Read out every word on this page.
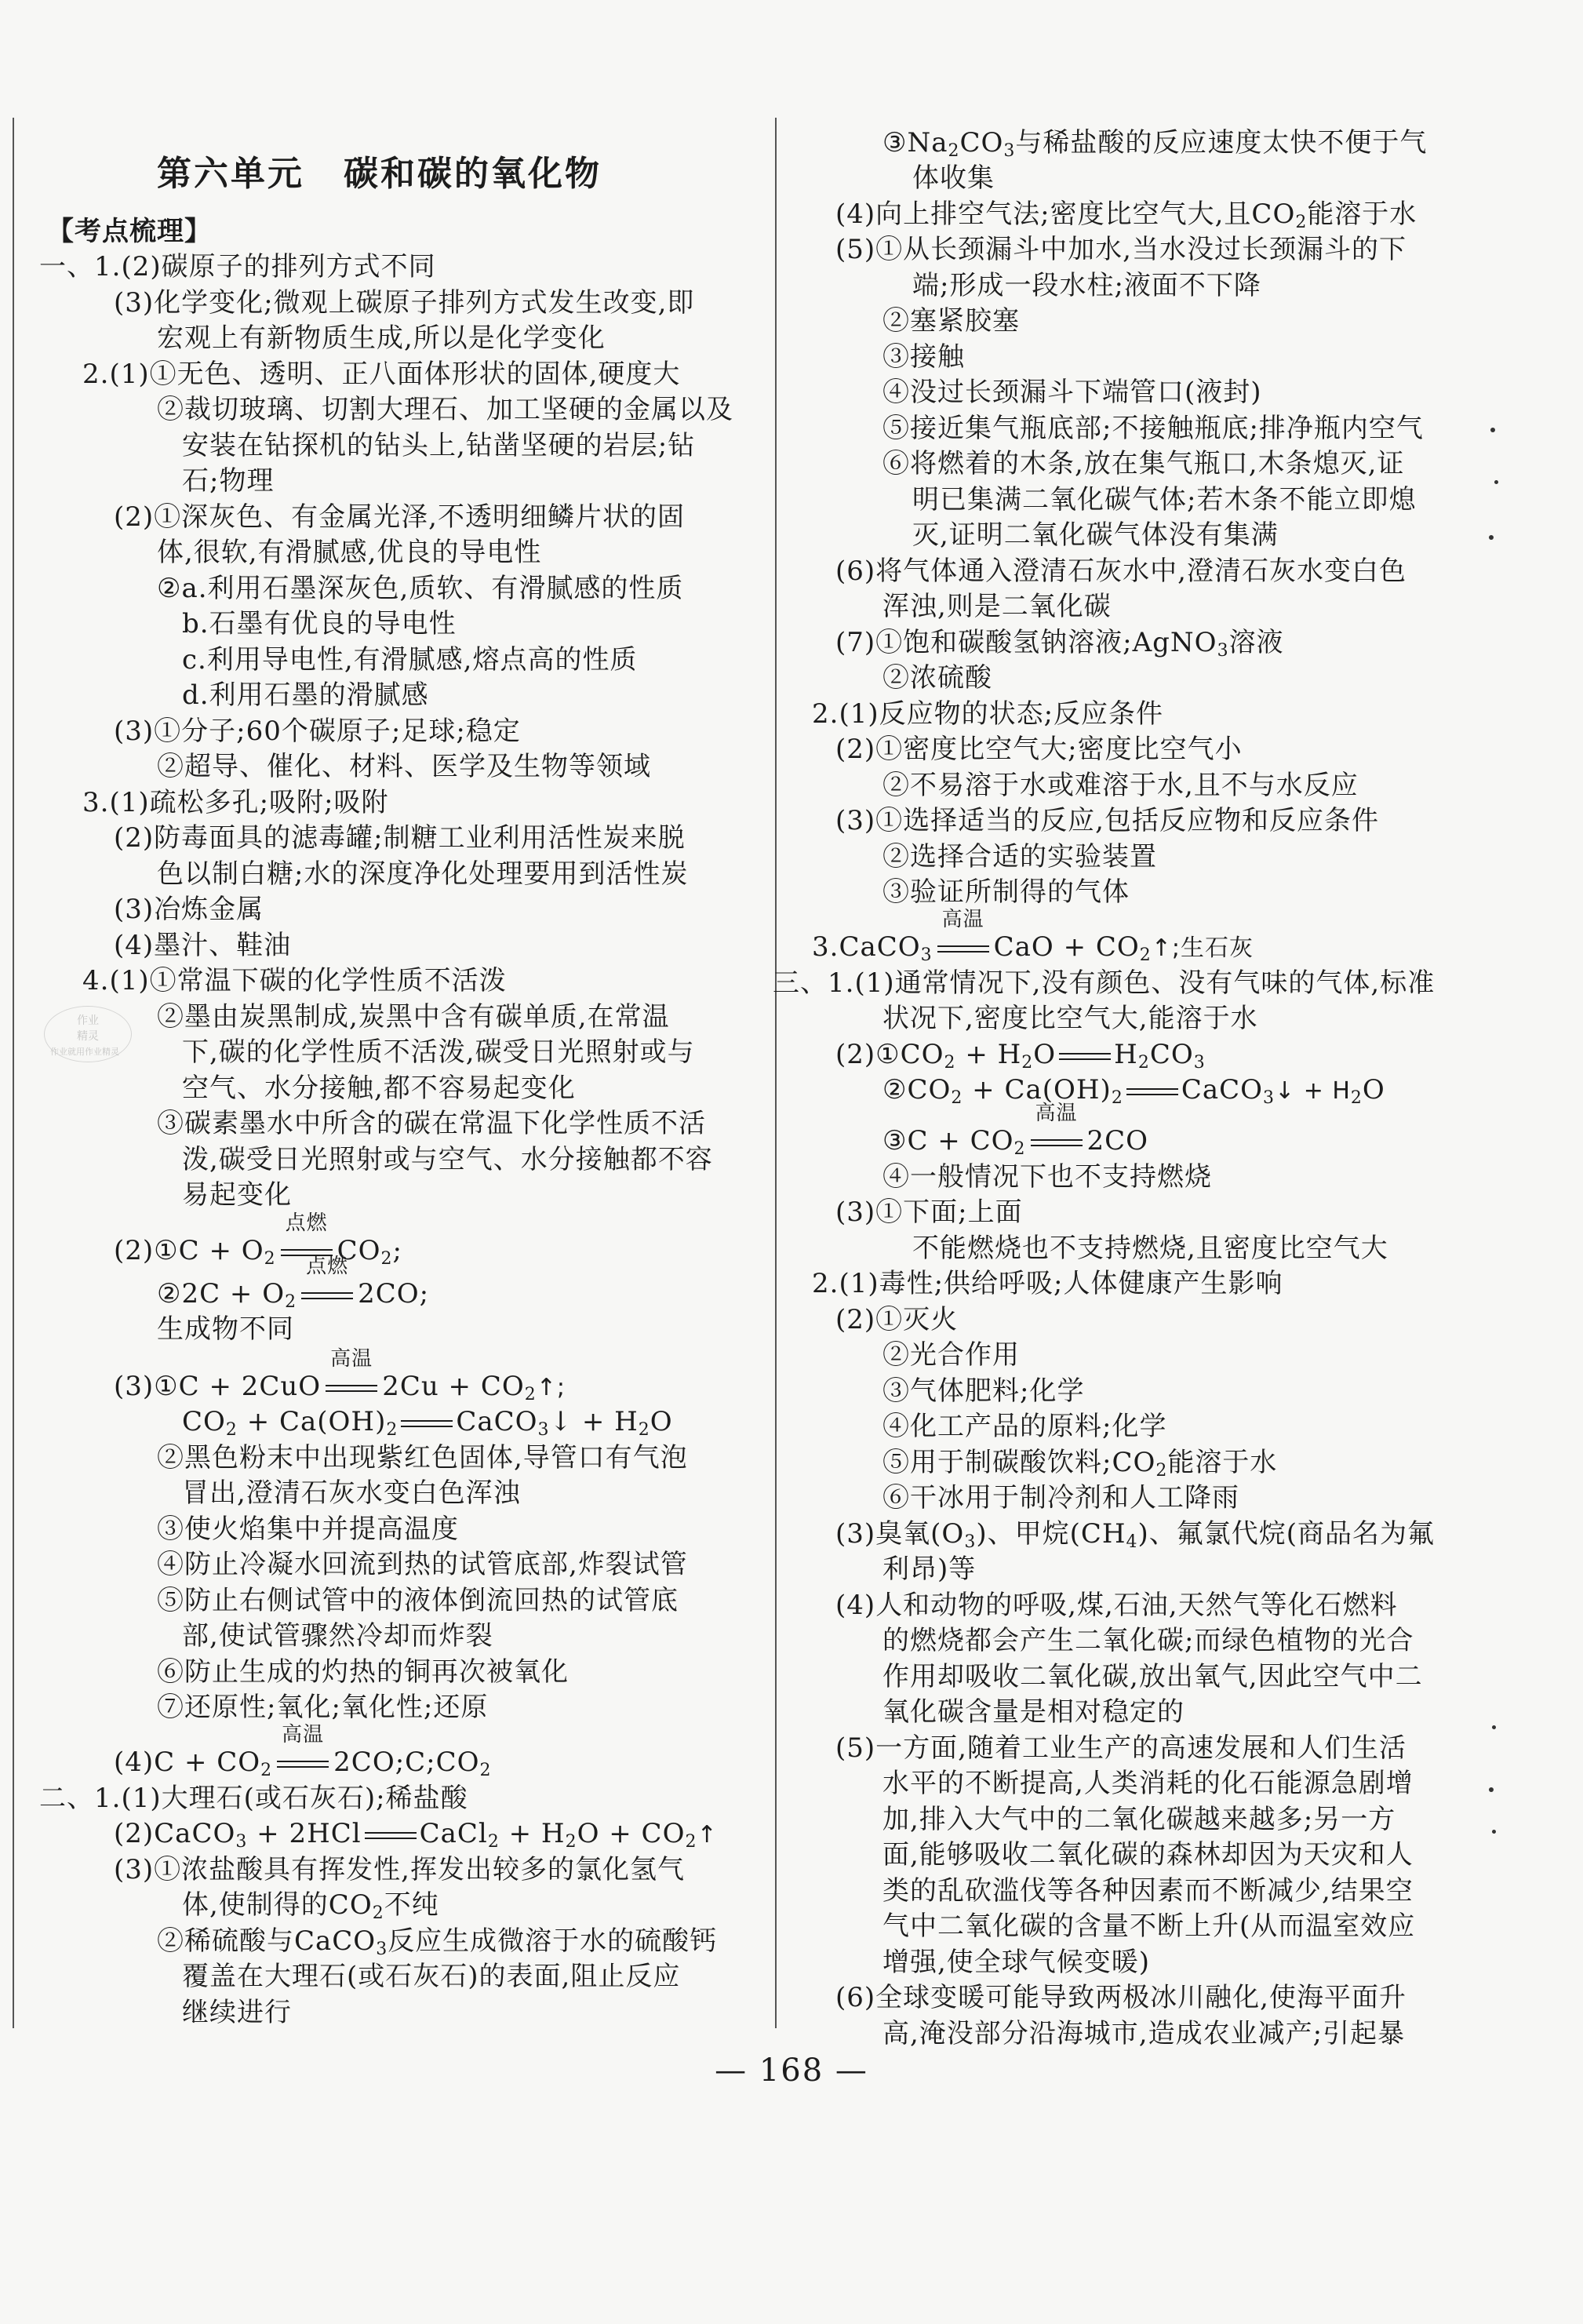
第六单元 碳和碳的氧化物
【考点梳理】
一、1.(2)碳原子的排列方式不同
(3)化学变化;微观上碳原子排列方式发生改变,即
宏观上有新物质生成,所以是化学变化
2.(1)①无色、透明、正八面体形状的固体,硬度大
②裁切玻璃、切割大理石、加工坚硬的金属以及
安装在钻探机的钻头上,钻凿坚硬的岩层;钻
石;物理
(2)①深灰色、有金属光泽,不透明细鳞片状的固
体,很软,有滑腻感,优良的导电性
②a.利用石墨深灰色,质软、有滑腻感的性质
b.石墨有优良的导电性
c.利用导电性,有滑腻感,熔点高的性质
d.利用石墨的滑腻感
(3)①分子;60个碳原子;足球;稳定
②超导、催化、材料、医学及生物等领域
3.(1)疏松多孔;吸附;吸附
(2)防毒面具的滤毒罐;制糖工业利用活性炭来脱
色以制白糖;水的深度净化处理要用到活性炭
(3)冶炼金属
(4)墨汁、鞋油
4.(1)①常温下碳的化学性质不活泼
②墨由炭黑制成,炭黑中含有碳单质,在常温
下,碳的化学性质不活泼,碳受日光照射或与
空气、水分接触,都不容易起变化
③碳素墨水中所含的碳在常温下化学性质不活
泼,碳受日光照射或与空气、水分接触都不容
易起变化
(2)①C + $O_2$
点燃
$CO_2$;
②2C + $O_2$
点燃
2CO;
生成物不同
(3)①C + 2CuO
高温
$2Cu + CO_2↑$;
$CO_2 + Ca(OH)_2$ CaCO$_3$↓ + $H_2O$
②黑色粉末中出现紫红色固体,导管口有气泡
冒出,澄清石灰水变白色浑浊
③使火焰集中并提高温度
④防止冷凝水回流到热的试管底部,炸裂试管
⑤防止右侧试管中的液体倒流回热的试管底
部,使试管骤然冷却而炸裂
⑥防止生成的灼热的铜再次被氧化
⑦还原性;氧化;氧化性;还原
$(4)C + CO_2$
高温
$2CO;C;CO_2$
二、1.(1)大理石(或石灰石);稀盐酸
(2)CaCO$_3$ + 2HCl CaCl$_2$ + $H_2O$ + $CO_2↑$
(3)①浓盐酸具有挥发性,挥发出较多的氯化氢气
体,使制得的$CO_2$不纯
②稀硫酸与CaCO$_3$反应生成微溶于水的硫酸钙
覆盖在大理石(或石灰石)的表面,阻止反应
继续进行
$③Na_2CO_3$与稀盐酸的反应速度太快不便于气
体收集
(4)向上排空气法;密度比空气大,且$CO_2$能溶于水
(5)①从长颈漏斗中加水,当水没过长颈漏斗的下
端;形成一段水柱;液面不下降
②塞紧胶塞
③接触
④没过长颈漏斗下端管口(液封)
⑤接近集气瓶底部;不接触瓶底;排净瓶内空气
⑥将燃着的木条,放在集气瓶口,木条熄灭,证
明已集满二氧化碳气体;若木条不能立即熄
灭,证明二氧化碳气体没有集满
(6)将气体通入澄清石灰水中,澄清石灰水变白色
浑浊,则是二氧化碳
(7)①饱和碳酸氢钠溶液;AgNO$_3$溶液
②浓硫酸
2.(1)反应物的状态;反应条件
(2)①密度比空气大;密度比空气小
②不易溶于水或难溶于水,且不与水反应
(3)①选择适当的反应,包括反应物和反应条件
②选择合适的实验装置
③验证所制得的气体
3.CaCO$_3$
高温
CaO + $CO_2↑$;生石灰
三、1.(1)通常情况下,没有颜色、没有气味的气体,标准
状况下,密度比空气大,能溶于水
$(2)①CO_2 + H_2O$ $H_2CO_3$
$②CO_2 + Ca(OH)_2$ CaCO$_3$↓ + $H_2O$
③C + $CO_2$
高温
2CO
④一般情况下也不支持燃烧
(3)①下面;上面
不能燃烧也不支持燃烧,且密度比空气大
2.(1)毒性;供给呼吸;人体健康产生影响
(2)①灭火
②光合作用
③气体肥料;化学
④化工产品的原料;化学
⑤用于制碳酸饮料$;CO_2$能溶于水
⑥干冰用于制冷剂和人工降雨
(3)臭氧$(O_3)$、甲烷$(CH_4)$、氟氯代烷(商品名为氟
利昂)等
(4)人和动物的呼吸,煤,石油,天然气等化石燃料
的燃烧都会产生二氧化碳;而绿色植物的光合
作用却吸收二氧化碳,放出氧气,因此空气中二
氧化碳含量是相对稳定的
(5)一方面,随着工业生产的高速发展和人们生活
水平的不断提高,人类消耗的化石能源急剧增
加,排入大气中的二氧化碳越来越多;另一方
面,能够吸收二氧化碳的森林却因为天灾和人
类的乱砍滥伐等各种因素而不断减少,结果空
气中二氧化碳的含量不断上升(从而温室效应
增强,使全球气候变暖)
(6)全球变暖可能导致两极冰川融化,使海平面升
高,淹没部分沿海城市,造成农业减产;引起暴
作业
精灵
作业就用作业精灵
— 168 —
